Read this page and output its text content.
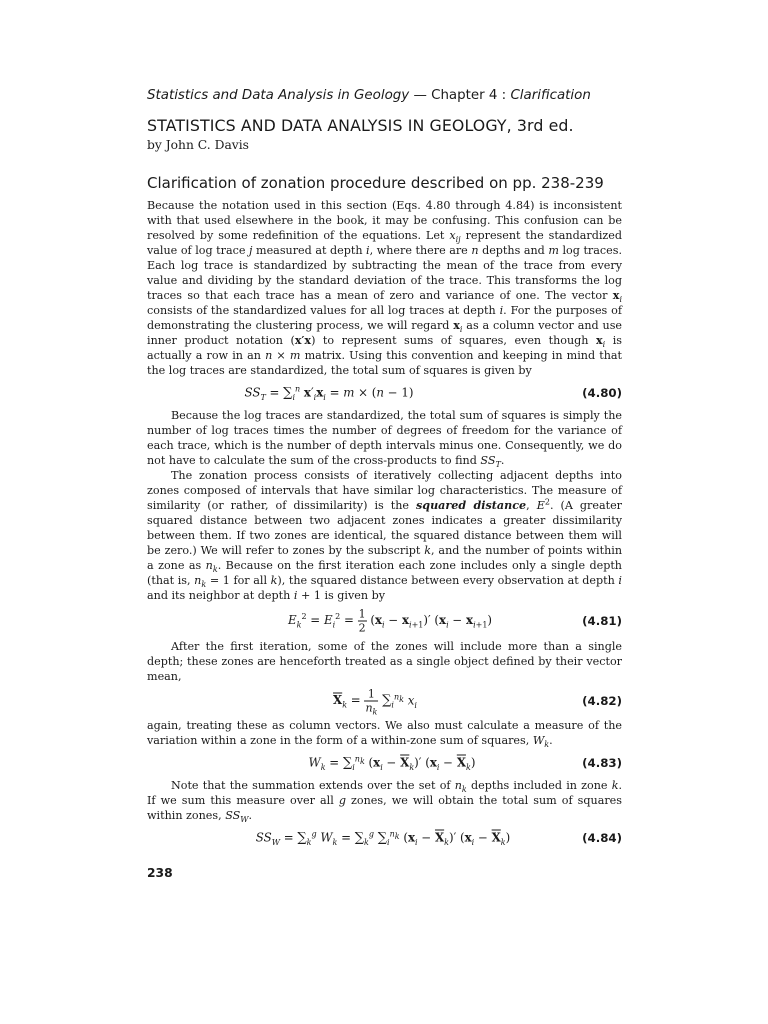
Statistics and Data Analysis in Geology — Chapter 4 : Clarification

STATISTICS AND DATA ANALYSIS IN GEOLOGY, 3rd ed.

by John C. Davis

Clarification of zonation procedure described on pp. 238-239

Because the notation used in this section (Eqs. 4.80 through 4.84) is inconsistent with that used elsewhere in the book, it may be confusing. This confusion can be resolved by some redefinition of the equations. Let $x_{ij}$ represent the standardized value of log trace j measured at depth i, where there are n depths and m log traces. Each log trace is standardized by subtracting the mean of the trace from every value and dividing by the standard deviation of the trace. This transforms the log traces so that each trace has a mean of zero and variance of one. The vector $x_i$ consists of the standardized values for all log traces at depth i. For the purposes of demonstrating the clustering process, we will regard $x_i$ as a column vector and use inner product notation (x′x) to represent sums of squares, even though $x_i$ is actually a row in an n × m matrix. Using this convention and keeping in mind that the log traces are standardized, the total sum of squares is given by

$SS_T = \sum_i^n$ $x'_ix_i = m \times (n - 1)$	(4.80)

Because the log traces are standardized, the total sum of squares is simply the number of log traces times the number of degrees of freedom for the variance of each trace, which is the number of depth intervals minus one. Consequently, we do not have to calculate the sum of the cross-products to find $SS_T$.

The zonation process consists of iteratively collecting adjacent depths into zones composed of intervals that have similar log characteristics. The measure of similarity (or rather, of dissimilarity) is the squared distance, $E^2$. (A greater squared distance between two adjacent zones indicates a greater dissimilarity between them. If two zones are identical, the squared distance between them will be zero.) We will refer to zones by the subscript k, and the number of points within a zone as $n_k$. Because on the first iteration each zone includes only a single depth (that is, $n_k = 1$ for all k), the squared distance between every observation at depth i and its neighbor at depth i + 1 is given by

$E_k^2 = E_i^2 = \frac{1}{2} (x_i - x_{i+1})'$ $(x_i - x_{i+1})$	(4.81)

After the first iteration, some of the zones will include more than a single depth; these zones are henceforth treated as a single object defined by their vector mean,

$\overline{X}_k = \frac{1}{n_k} \sum_i^{n_k}$ $x_i$	(4.82)

again, treating these as column vectors. We also must calculate a measure of the variation within a zone in the form of a within-zone sum of squares, $W_k$.

$W_k = \sum_i^{n_k}$ $(x_i - \overline{X}_k)'$ $(x_i - \overline{X}_k)$	(4.83)

Note that the summation extends over the set of $n_k$ depths included in zone k. If we sum this measure over all g zones, we will obtain the total sum of squares within zones, $SS_W$.

$SS_W = \sum_k^g$ $W_k = \sum_k^g$ $\sum_i^{n_k}$ $(x_i - \overline{X}_k)'$ $(x_i - \overline{X}_k)$	(4.84)

238
